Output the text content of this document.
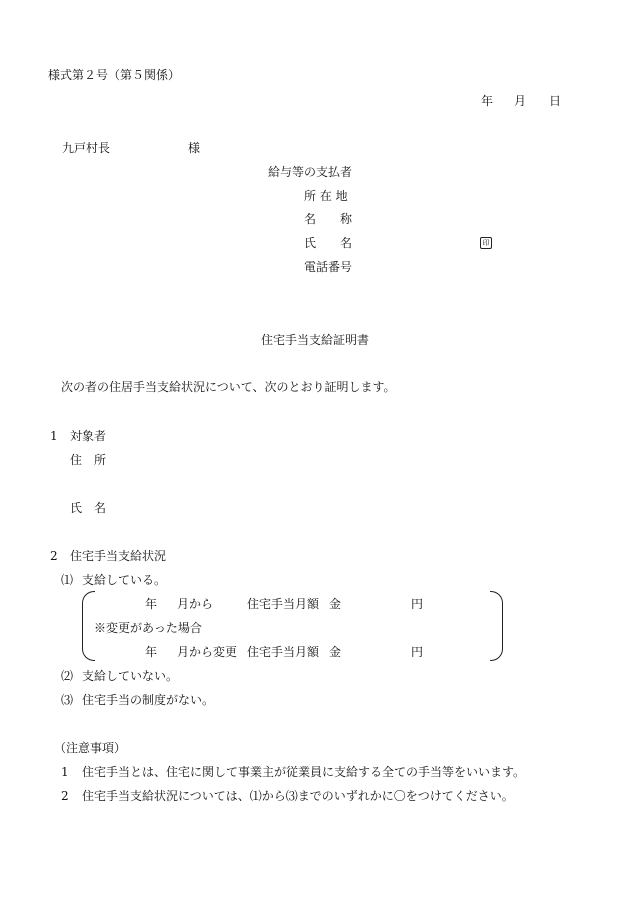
様式第２号（第５関係）
年 月 日
九戸村長	様
給与等の支払者
所 在 地
名　　称
氏　　名	印
電話番号
住宅手当支給証明書
次の者の住居手当支給状況について、次のとおり証明します。
1 対象者
住　所
氏　名
2 住宅手当支給状況
⑴ 支給している。
年 月から	住宅手当月額 金	円
※変更があった場合
年 月から変更 住宅手当月額 金	円
⑵ 支給していない。
⑶ 住宅手当の制度がない。
（注意事項）
1 住宅手当とは、住宅に関して事業主が従業員に支給する全ての手当等をいいます。
2 住宅手当支給状況については、⑴から⑶までのいずれかに〇をつけてください。
